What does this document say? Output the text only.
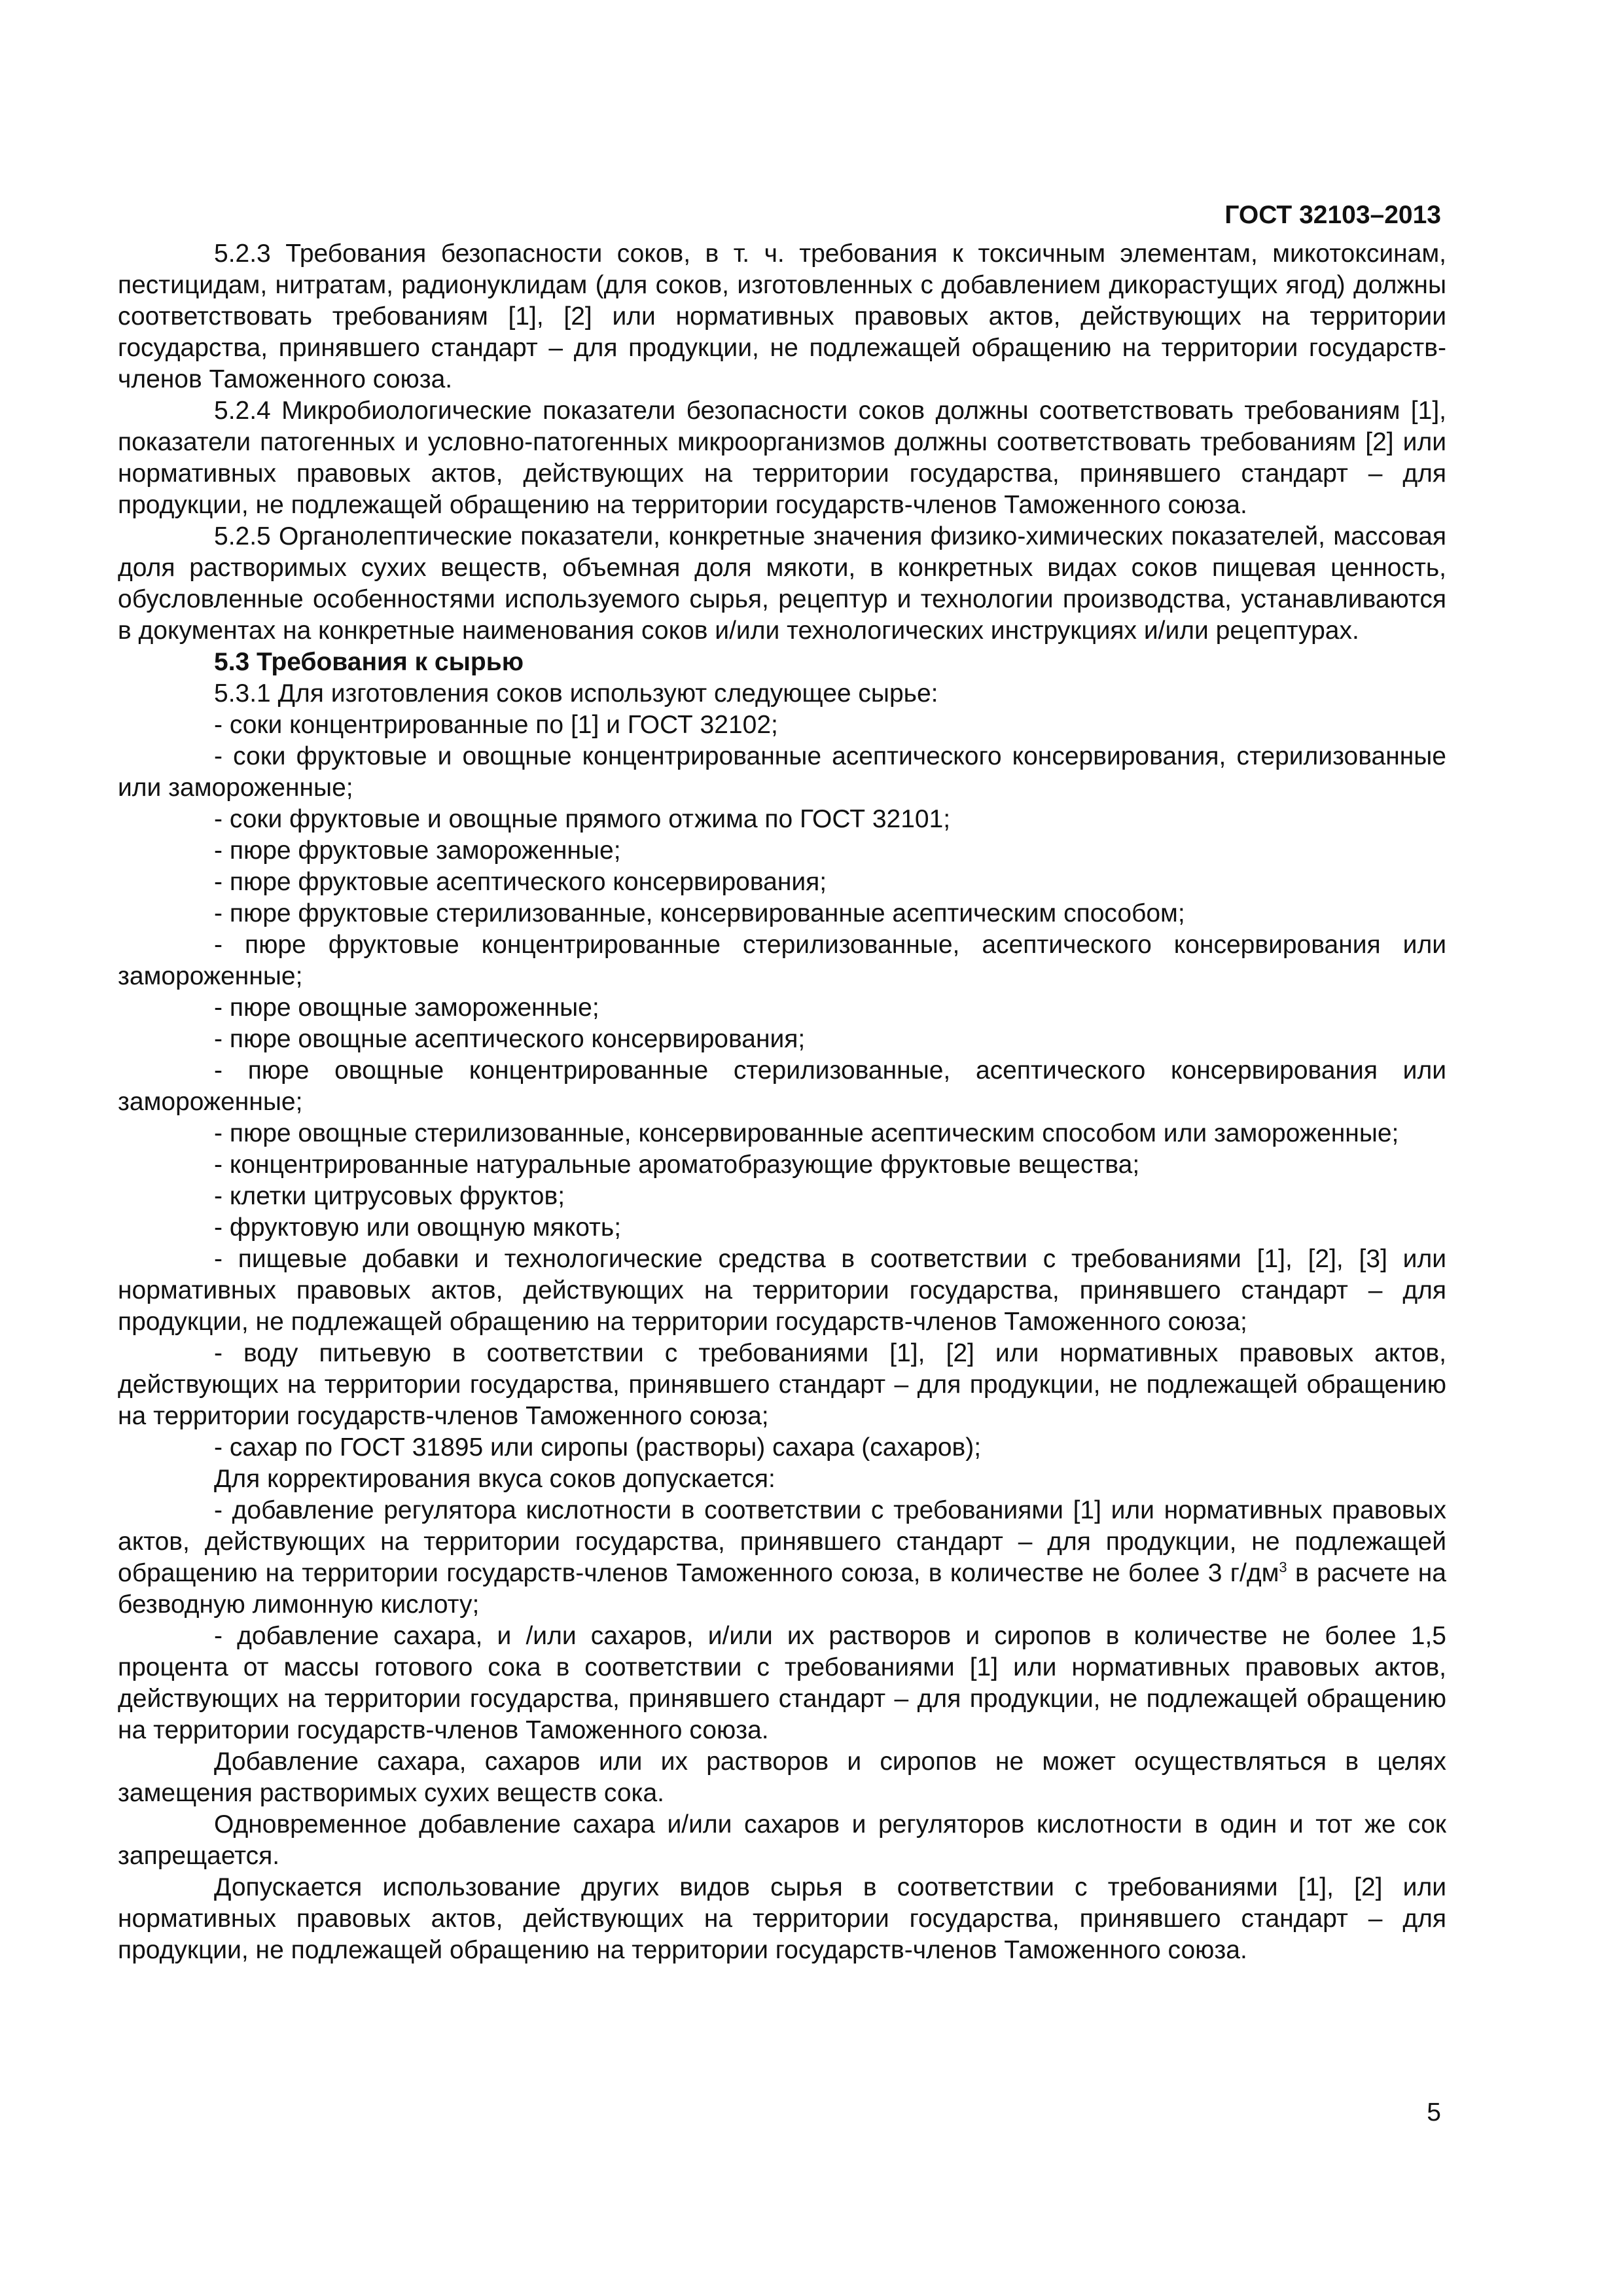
ГОСТ 32103–2013

5.2.3 Требования безопасности соков, в т. ч. требования к токсичным элементам, микотоксинам, пестицидам, нитратам, радионуклидам (для соков, изготовленных с добавлением дикорастущих ягод) должны соответствовать требованиям [1], [2] или нормативных правовых актов, действующих на территории государства, принявшего стандарт – для продукции, не подлежащей обращению на территории государств-членов Таможенного союза.

5.2.4 Микробиологические показатели безопасности соков должны соответствовать требованиям [1], показатели патогенных и условно-патогенных микроорганизмов должны соответствовать требованиям [2] или нормативных правовых актов, действующих на территории государства, принявшего стандарт – для продукции, не подлежащей обращению на территории государств-членов Таможенного союза.

5.2.5 Органолептические показатели, конкретные значения физико-химических показателей, массовая доля растворимых сухих веществ, объемная доля мякоти, в конкретных видах соков пищевая ценность, обусловленные особенностями используемого сырья, рецептур и технологии производства, устанавливаются в документах на конкретные наименования соков и/или технологических инструкциях и/или рецептурах.

5.3 Требования к сырью

5.3.1 Для изготовления соков используют следующее сырье:

- соки концентрированные по [1] и ГОСТ 32102;

- соки фруктовые и овощные концентрированные асептического консервирования, стерилизованные или замороженные;

- соки фруктовые и овощные прямого отжима по ГОСТ 32101;

- пюре фруктовые замороженные;

- пюре фруктовые асептического консервирования;

- пюре фруктовые стерилизованные, консервированные асептическим способом;

- пюре фруктовые концентрированные стерилизованные, асептического консервирования или замороженные;

- пюре овощные замороженные;

- пюре овощные асептического консервирования;

- пюре овощные концентрированные стерилизованные, асептического консервирования или замороженные;

- пюре овощные стерилизованные, консервированные асептическим способом или замороженные;

- концентрированные натуральные ароматобразующие фруктовые вещества;

- клетки цитрусовых фруктов;

- фруктовую или овощную мякоть;

- пищевые добавки и технологические средства в соответствии с требованиями [1], [2], [3] или нормативных правовых актов, действующих на территории государства, принявшего стандарт – для продукции, не подлежащей обращению на территории государств-членов Таможенного союза;

- воду питьевую в соответствии с требованиями [1], [2] или нормативных правовых актов, действующих на территории государства, принявшего стандарт – для продукции, не подлежащей обращению на территории государств-членов Таможенного союза;

- сахар по ГОСТ 31895 или сиропы (растворы) сахара (сахаров);

Для корректирования вкуса соков допускается:

- добавление регулятора кислотности в соответствии с требованиями [1] или нормативных правовых актов, действующих на территории государства, принявшего стандарт – для продукции, не подлежащей обращению на территории государств-членов Таможенного союза, в количестве не более 3 $г/дм^3$ в расчете на безводную лимонную кислоту;

- добавление сахара, и /или сахаров, и/или их растворов и сиропов в количестве не более 1,5 процента от массы готового сока в соответствии с требованиями [1] или нормативных правовых актов, действующих на территории государства, принявшего стандарт – для продукции, не подлежащей обращению на территории государств-членов Таможенного союза.

Добавление сахара, сахаров или их растворов и сиропов не может осуществляться в целях замещения растворимых сухих веществ сока.

Одновременное добавление сахара и/или сахаров и регуляторов кислотности в один и тот же сок запрещается.

Допускается использование других видов сырья в соответствии с требованиями [1], [2] или нормативных правовых актов, действующих на территории государства, принявшего стандарт – для продукции, не подлежащей обращению на территории государств-членов Таможенного союза.

5
